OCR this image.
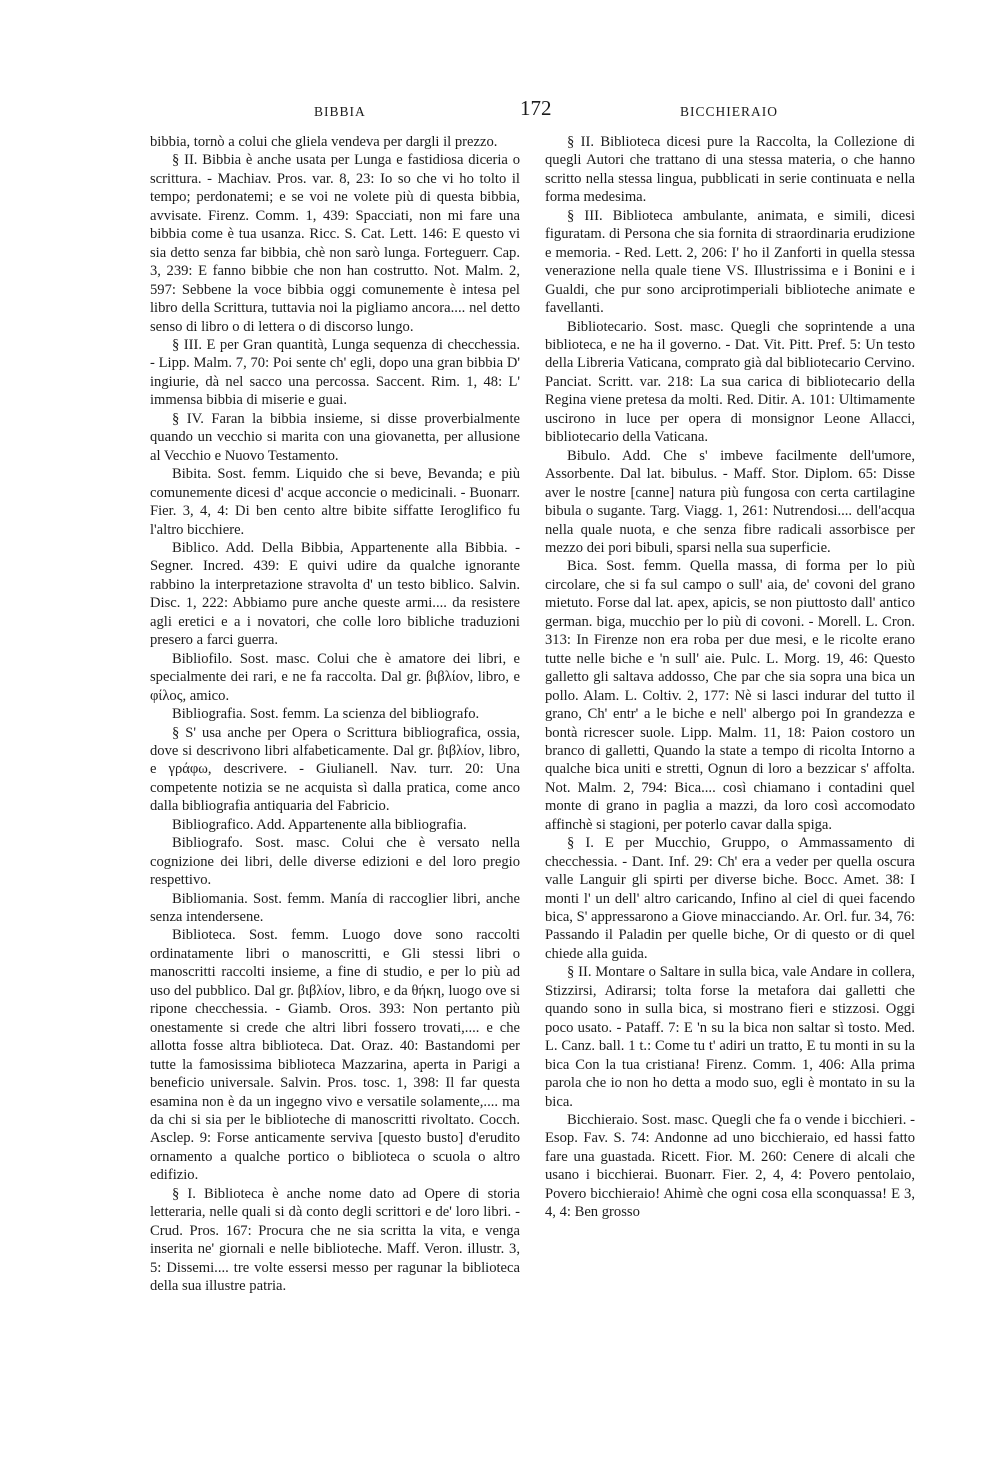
BIBBIA	172	BICCHIERAIO

bibbia, tornò a colui che gliela vendeva per dargli il prezzo.

§ II. Bibbia è anche usata per Lunga e fastidiosa diceria o scrittura. - Machiav. Pros. var. 8, 23: Io so che vi ho tolto il tempo; perdonatemi; e se voi ne volete più di questa bibbia, avvisate. Firenz. Comm. 1, 439: Spacciati, non mi fare una bibbia come è tua usanza. Ricc. S. Cat. Lett. 146: E questo vi sia detto senza far bibbia, chè non sarò lunga. Forteguerr. Cap. 3, 239: E fanno bibbie che non han costrutto. Not. Malm. 2, 597: Sebbene la voce bibbia oggi comunemente è intesa pel libro della Scrittura, tuttavia noi la pigliamo ancora.... nel detto senso di libro o di lettera o di discorso lungo.

§ III. E per Gran quantità, Lunga sequenza di checchessia. - Lipp. Malm. 7, 70: Poi sente ch' egli, dopo una gran bibbia D' ingiurie, dà nel sacco una percossa. Saccent. Rim. 1, 48: L' immensa bibbia di miserie e guai.

§ IV. Faran la bibbia insieme, si disse proverbialmente quando un vecchio si marita con una giovanetta, per allusione al Vecchio e Nuovo Testamento.

Bibita. Sost. femm. Liquido che si beve, Bevanda; e più comunemente dicesi d' acque acconcie o medicinali. - Buonarr. Fier. 3, 4, 4: Di ben cento altre bibite siffatte Ieroglifico fu l'altro bicchiere.

Biblico. Add. Della Bibbia, Appartenente alla Bibbia. - Segner. Incred. 439: E quivi udire da qualche ignorante rabbino la interpretazione stravolta d' un testo biblico. Salvin. Disc. 1, 222: Abbiamo pure anche queste armi.... da resistere agli eretici e a i novatori, che colle loro bibliche traduzioni presero a farci guerra.

Bibliofilo. Sost. masc. Colui che è amatore dei libri, e specialmente dei rari, e ne fa raccolta. Dal gr. βιβλίον, libro, e φίλος, amico.

Bibliografia. Sost. femm. La scienza del bibliografo.

§ S' usa anche per Opera o Scrittura bibliografica, ossia, dove si descrivono libri alfabeticamente. Dal gr. βιβλίον, libro, e γράφω, descrivere. - Giulianell. Nav. turr. 20: Una competente notizia se ne acquista sì dalla pratica, come anco dalla bibliografia antiquaria del Fabricio.

Bibliografico. Add. Appartenente alla bibliografia.

Bibliografo. Sost. masc. Colui che è versato nella cognizione dei libri, delle diverse edizioni e del loro pregio respettivo.

Bibliomania. Sost. femm. Manía di raccoglier libri, anche senza intendersene.

Biblioteca. Sost. femm. Luogo dove sono raccolti ordinatamente libri o manoscritti, e Gli stessi libri o manoscritti raccolti insieme, a fine di studio, e per lo più ad uso del pubblico. Dal gr. βιβλίον, libro, e da θήκη, luogo ove si ripone checchessia. - Giamb. Oros. 393: Non pertanto più onestamente si crede che altri libri fossero trovati,.... e che allotta fosse altra biblioteca. Dat. Oraz. 40: Bastandomi per tutte la famosissima biblioteca Mazzarina, aperta in Parigi a beneficio universale. Salvin. Pros. tosc. 1, 398: Il far questa esamina non è da un ingegno vivo e versatile solamente,.... ma da chi si sia per le biblioteche di manoscritti rivoltato. Cocch. Asclep. 9: Forse anticamente serviva [questo busto] d'erudito ornamento a qualche portico o biblioteca o scuola o altro edifizio.

§ I. Biblioteca è anche nome dato ad Opere di storia letteraria, nelle quali si dà conto degli scrittori e de' loro libri. - Crud. Pros. 167: Procura che ne sia scritta la vita, e venga inserita ne' giornali e nelle biblioteche. Maff. Veron. illustr. 3, 5: Dissemi.... tre volte essersi messo per ragunar la biblioteca della sua illustre patria.

§ II. Biblioteca dicesi pure la Raccolta, la Collezione di quegli Autori che trattano di una stessa materia, o che hanno scritto nella stessa lingua, pubblicati in serie continuata e nella forma medesima.

§ III. Biblioteca ambulante, animata, e simili, dicesi figuratam. di Persona che sia fornita di straordinaria erudizione e memoria. - Red. Lett. 2, 206: I' ho il Zanforti in quella stessa venerazione nella quale tiene VS. Illustrissima e i Bonini e i Gualdi, che pur sono arciprotimperiali biblioteche animate e favellanti.

Bibliotecario. Sost. masc. Quegli che soprintende a una biblioteca, e ne ha il governo. - Dat. Vit. Pitt. Pref. 5: Un testo della Libreria Vaticana, comprato già dal bibliotecario Cervino. Panciat. Scritt. var. 218: La sua carica di bibliotecario della Regina viene pretesa da molti. Red. Ditir. A. 101: Ultimamente uscirono in luce per opera di monsignor Leone Allacci, bibliotecario della Vaticana.

Bibulo. Add. Che s' imbeve facilmente dell'umore, Assorbente. Dal lat. bibulus. - Maff. Stor. Diplom. 65: Disse aver le nostre [canne] natura più fungosa con certa cartilagine bibula o sugante. Targ. Viagg. 1, 261: Nutrendosi.... dell'acqua nella quale nuota, e che senza fibre radicali assorbisce per mezzo dei pori bibuli, sparsi nella sua superficie.

Bica. Sost. femm. Quella massa, di forma per lo più circolare, che si fa sul campo o sull' aia, de' covoni del grano mietuto. Forse dal lat. apex, apicis, se non piuttosto dall' antico german. biga, mucchio per lo più di covoni. - Morell. L. Cron. 313: In Firenze non era roba per due mesi, e le ricolte erano tutte nelle biche e 'n sull' aie. Pulc. L. Morg. 19, 46: Questo galletto gli saltava addosso, Che par che sia sopra una bica un pollo. Alam. L. Coltiv. 2, 177: Nè si lasci indurar del tutto il grano, Ch' entr' a le biche e nell' albergo poi In grandezza e bontà ricrescer suole. Lipp. Malm. 11, 18: Paion costoro un branco di galletti, Quando la state a tempo di ricolta Intorno a qualche bica uniti e stretti, Ognun di loro a bezzicar s' affolta. Not. Malm. 2, 794: Bica.... così chiamano i contadini quel monte di grano in paglia a mazzi, da loro così accomodato affinchè si stagioni, per poterlo cavar dalla spiga.

§ I. E per Mucchio, Gruppo, o Ammassamento di checchessia. - Dant. Inf. 29: Ch' era a veder per quella oscura valle Languir gli spirti per diverse biche. Bocc. Amet. 38: I monti l' un dell' altro caricando, Infino al ciel di quei facendo bica, S' appressarono a Giove minacciando. Ar. Orl. fur. 34, 76: Passando il Paladin per quelle biche, Or di questo or di quel chiede alla guida.

§ II. Montare o Saltare in sulla bica, vale Andare in collera, Stizzirsi, Adirarsi; tolta forse la metafora dai galletti che quando sono in sulla bica, si mostrano fieri e stizzosi. Oggi poco usato. - Pataff. 7: E 'n su la bica non saltar sì tosto. Med. L. Canz. ball. 1 t.: Come tu t' adiri un tratto, E tu monti in su la bica Con la tua cristiana! Firenz. Comm. 1, 406: Alla prima parola che io non ho detta a modo suo, egli è montato in su la bica.

Bicchieraio. Sost. masc. Quegli che fa o vende i bicchieri. - Esop. Fav. S. 74: Andonne ad uno bicchieraio, ed hassi fatto fare una guastada. Ricett. Fior. M. 260: Cenere di alcali che usano i bicchierai. Buonarr. Fier. 2, 4, 4: Povero pentolaio, Povero bicchieraio! Ahimè che ogni cosa ella sconquassa! E 3, 4, 4: Ben grosso
